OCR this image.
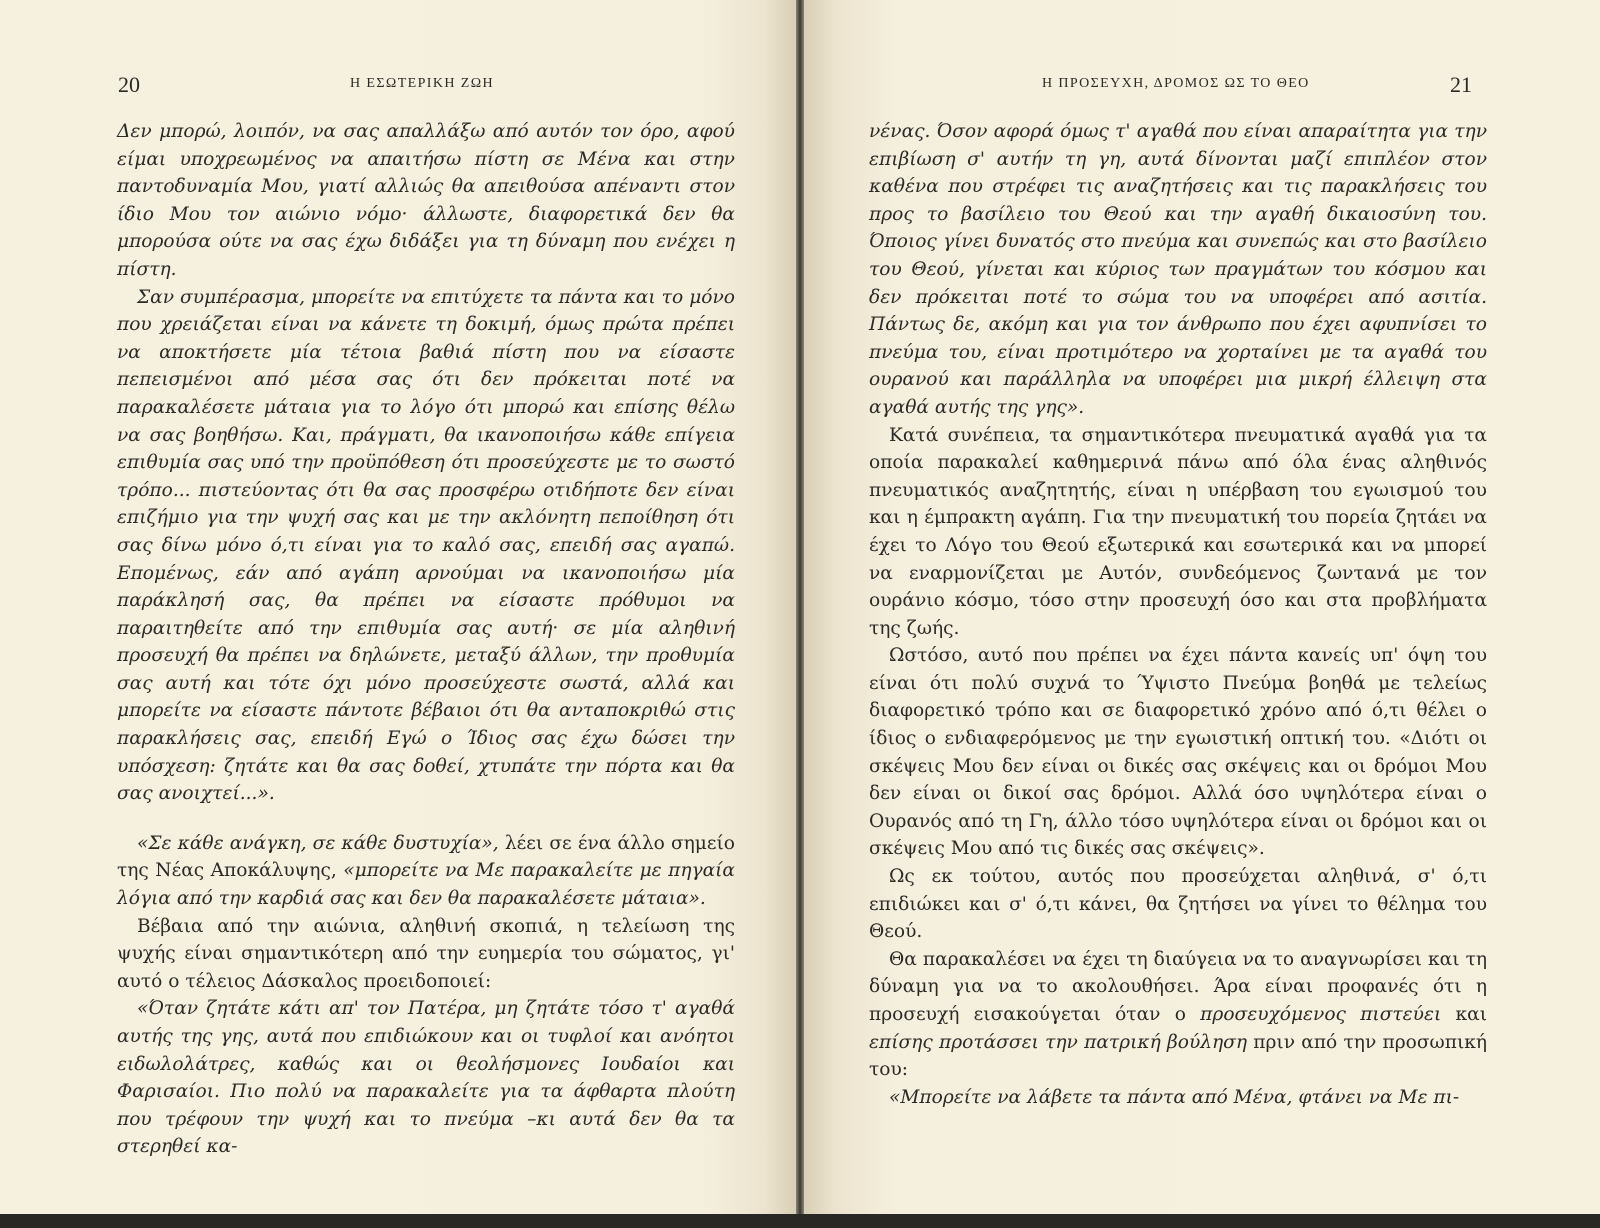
20	Η ΕΣΩΤΕΡΙΚΗ ΖΩΗ

Δεν μπορώ, λοιπόν, να σας απαλλάξω από αυτόν τον όρο, αφού είμαι υποχρεωμένος να απαιτήσω πίστη σε Μένα και στην παντοδυναμία Μου, γιατί αλλιώς θα απειθούσα απέναντι στον ίδιο Μου τον αιώνιο νόμο· άλλωστε, διαφορετικά δεν θα μπορούσα ούτε να σας έχω διδάξει για τη δύναμη που ενέχει η πίστη.

Σαν συμπέρασμα, μπορείτε να επιτύχετε τα πάντα και το μόνο που χρειάζεται είναι να κάνετε τη δοκιμή, όμως πρώτα πρέπει να αποκτήσετε μία τέτοια βαθιά πίστη που να είσαστε πεπεισμένοι από μέσα σας ότι δεν πρόκειται ποτέ να παρακαλέσετε μάταια για το λόγο ότι μπορώ και επίσης θέλω να σας βοηθήσω. Και, πράγματι, θα ικανοποιήσω κάθε επίγεια επιθυμία σας υπό την προϋπόθεση ότι προσεύχεστε με το σωστό τρόπο... πιστεύοντας ότι θα σας προσφέρω οτιδήποτε δεν είναι επιζήμιο για την ψυχή σας και με την ακλόνητη πεποίθηση ότι σας δίνω μόνο ό,τι είναι για το καλό σας, επειδή σας αγαπώ. Επομένως, εάν από αγάπη αρνούμαι να ικανοποιήσω μία παράκλησή σας, θα πρέπει να είσαστε πρόθυμοι να παραιτηθείτε από την επιθυμία σας αυτή· σε μία αληθινή προσευχή θα πρέπει να δηλώνετε, μεταξύ άλλων, την προθυμία σας αυτή και τότε όχι μόνο προσεύχεστε σωστά, αλλά και μπορείτε να είσαστε πάντοτε βέβαιοι ότι θα ανταποκριθώ στις παρακλήσεις σας, επειδή Εγώ ο Ίδιος σας έχω δώσει την υπόσχεση: ζητάτε και θα σας δοθεί, χτυπάτε την πόρτα και θα σας ανοιχτεί...».

«Σε κάθε ανάγκη, σε κάθε δυστυχία», λέει σε ένα άλλο σημείο της Νέας Αποκάλυψης, «μπορείτε να Με παρακαλείτε με πηγαία λόγια από την καρδιά σας και δεν θα παρακαλέσετε μάταια».

Βέβαια από την αιώνια, αληθινή σκοπιά, η τελείωση της ψυχής είναι σημαντικότερη από την ευημερία του σώματος, γι' αυτό ο τέλειος Δάσκαλος προειδοποιεί:

«Όταν ζητάτε κάτι απ' τον Πατέρα, μη ζητάτε τόσο τ' αγαθά αυτής της γης, αυτά που επιδιώκουν και οι τυφλοί και ανόητοι ειδωλολάτρες, καθώς και οι θεολήσμονες Ιουδαίοι και Φαρισαίοι. Πιο πολύ να παρακαλείτε για τα άφθαρτα πλούτη που τρέφουν την ψυχή και το πνεύμα –κι αυτά δεν θα τα στερηθεί κα-

21
Η ΠΡΟΣΕΥΧΗ, ΔΡΟΜΟΣ ΩΣ ΤΟ ΘΕΟ

νένας. Όσον αφορά όμως τ' αγαθά που είναι απαραίτητα για την επιβίωση σ' αυτήν τη γη, αυτά δίνονται μαζί επιπλέον στον καθένα που στρέφει τις αναζητήσεις και τις παρακλήσεις του προς το βασίλειο του Θεού και την αγαθή δικαιοσύνη του. Όποιος γίνει δυνατός στο πνεύμα και συνεπώς και στο βασίλειο του Θεού, γίνεται και κύριος των πραγμάτων του κόσμου και δεν πρόκειται ποτέ το σώμα του να υποφέρει από ασιτία. Πάντως δε, ακόμη και για τον άνθρωπο που έχει αφυπνίσει το πνεύμα του, είναι προτιμότερο να χορταίνει με τα αγαθά του ουρανού και παράλληλα να υποφέρει μια μικρή έλλειψη στα αγαθά αυτής της γης».

Κατά συνέπεια, τα σημαντικότερα πνευματικά αγαθά για τα οποία παρακαλεί καθημερινά πάνω από όλα ένας αληθινός πνευματικός αναζητητής, είναι η υπέρβαση του εγωισμού του και η έμπρακτη αγάπη. Για την πνευματική του πορεία ζητάει να έχει το Λόγο του Θεού εξωτερικά και εσωτερικά και να μπορεί να εναρμονίζεται με Αυτόν, συνδεόμενος ζωντανά με τον ουράνιο κόσμο, τόσο στην προσευχή όσο και στα προβλήματα της ζωής.

Ωστόσο, αυτό που πρέπει να έχει πάντα κανείς υπ' όψη του είναι ότι πολύ συχνά το Ύψιστο Πνεύμα βοηθά με τελείως διαφορετικό τρόπο και σε διαφορετικό χρόνο από ό,τι θέλει ο ίδιος ο ενδιαφερόμενος με την εγωιστική οπτική του. «Διότι οι σκέψεις Μου δεν είναι οι δικές σας σκέψεις και οι δρόμοι Μου δεν είναι οι δικοί σας δρόμοι. Αλλά όσο υψηλότερα είναι ο Ουρανός από τη Γη, άλλο τόσο υψηλότερα είναι οι δρόμοι και οι σκέψεις Μου από τις δικές σας σκέψεις».

Ως εκ τούτου, αυτός που προσεύχεται αληθινά, σ' ό,τι επιδιώκει και σ' ό,τι κάνει, θα ζητήσει να γίνει το θέλημα του Θεού.

Θα παρακαλέσει να έχει τη διαύγεια να το αναγνωρίσει και τη δύναμη για να το ακολουθήσει. Άρα είναι προφανές ότι η προσευχή εισακούγεται όταν ο προσευχόμενος πιστεύει και επίσης προτάσσει την πατρική βούληση πριν από την προσωπική του:

«Μπορείτε να λάβετε τα πάντα από Μένα, φτάνει να Με πι-
